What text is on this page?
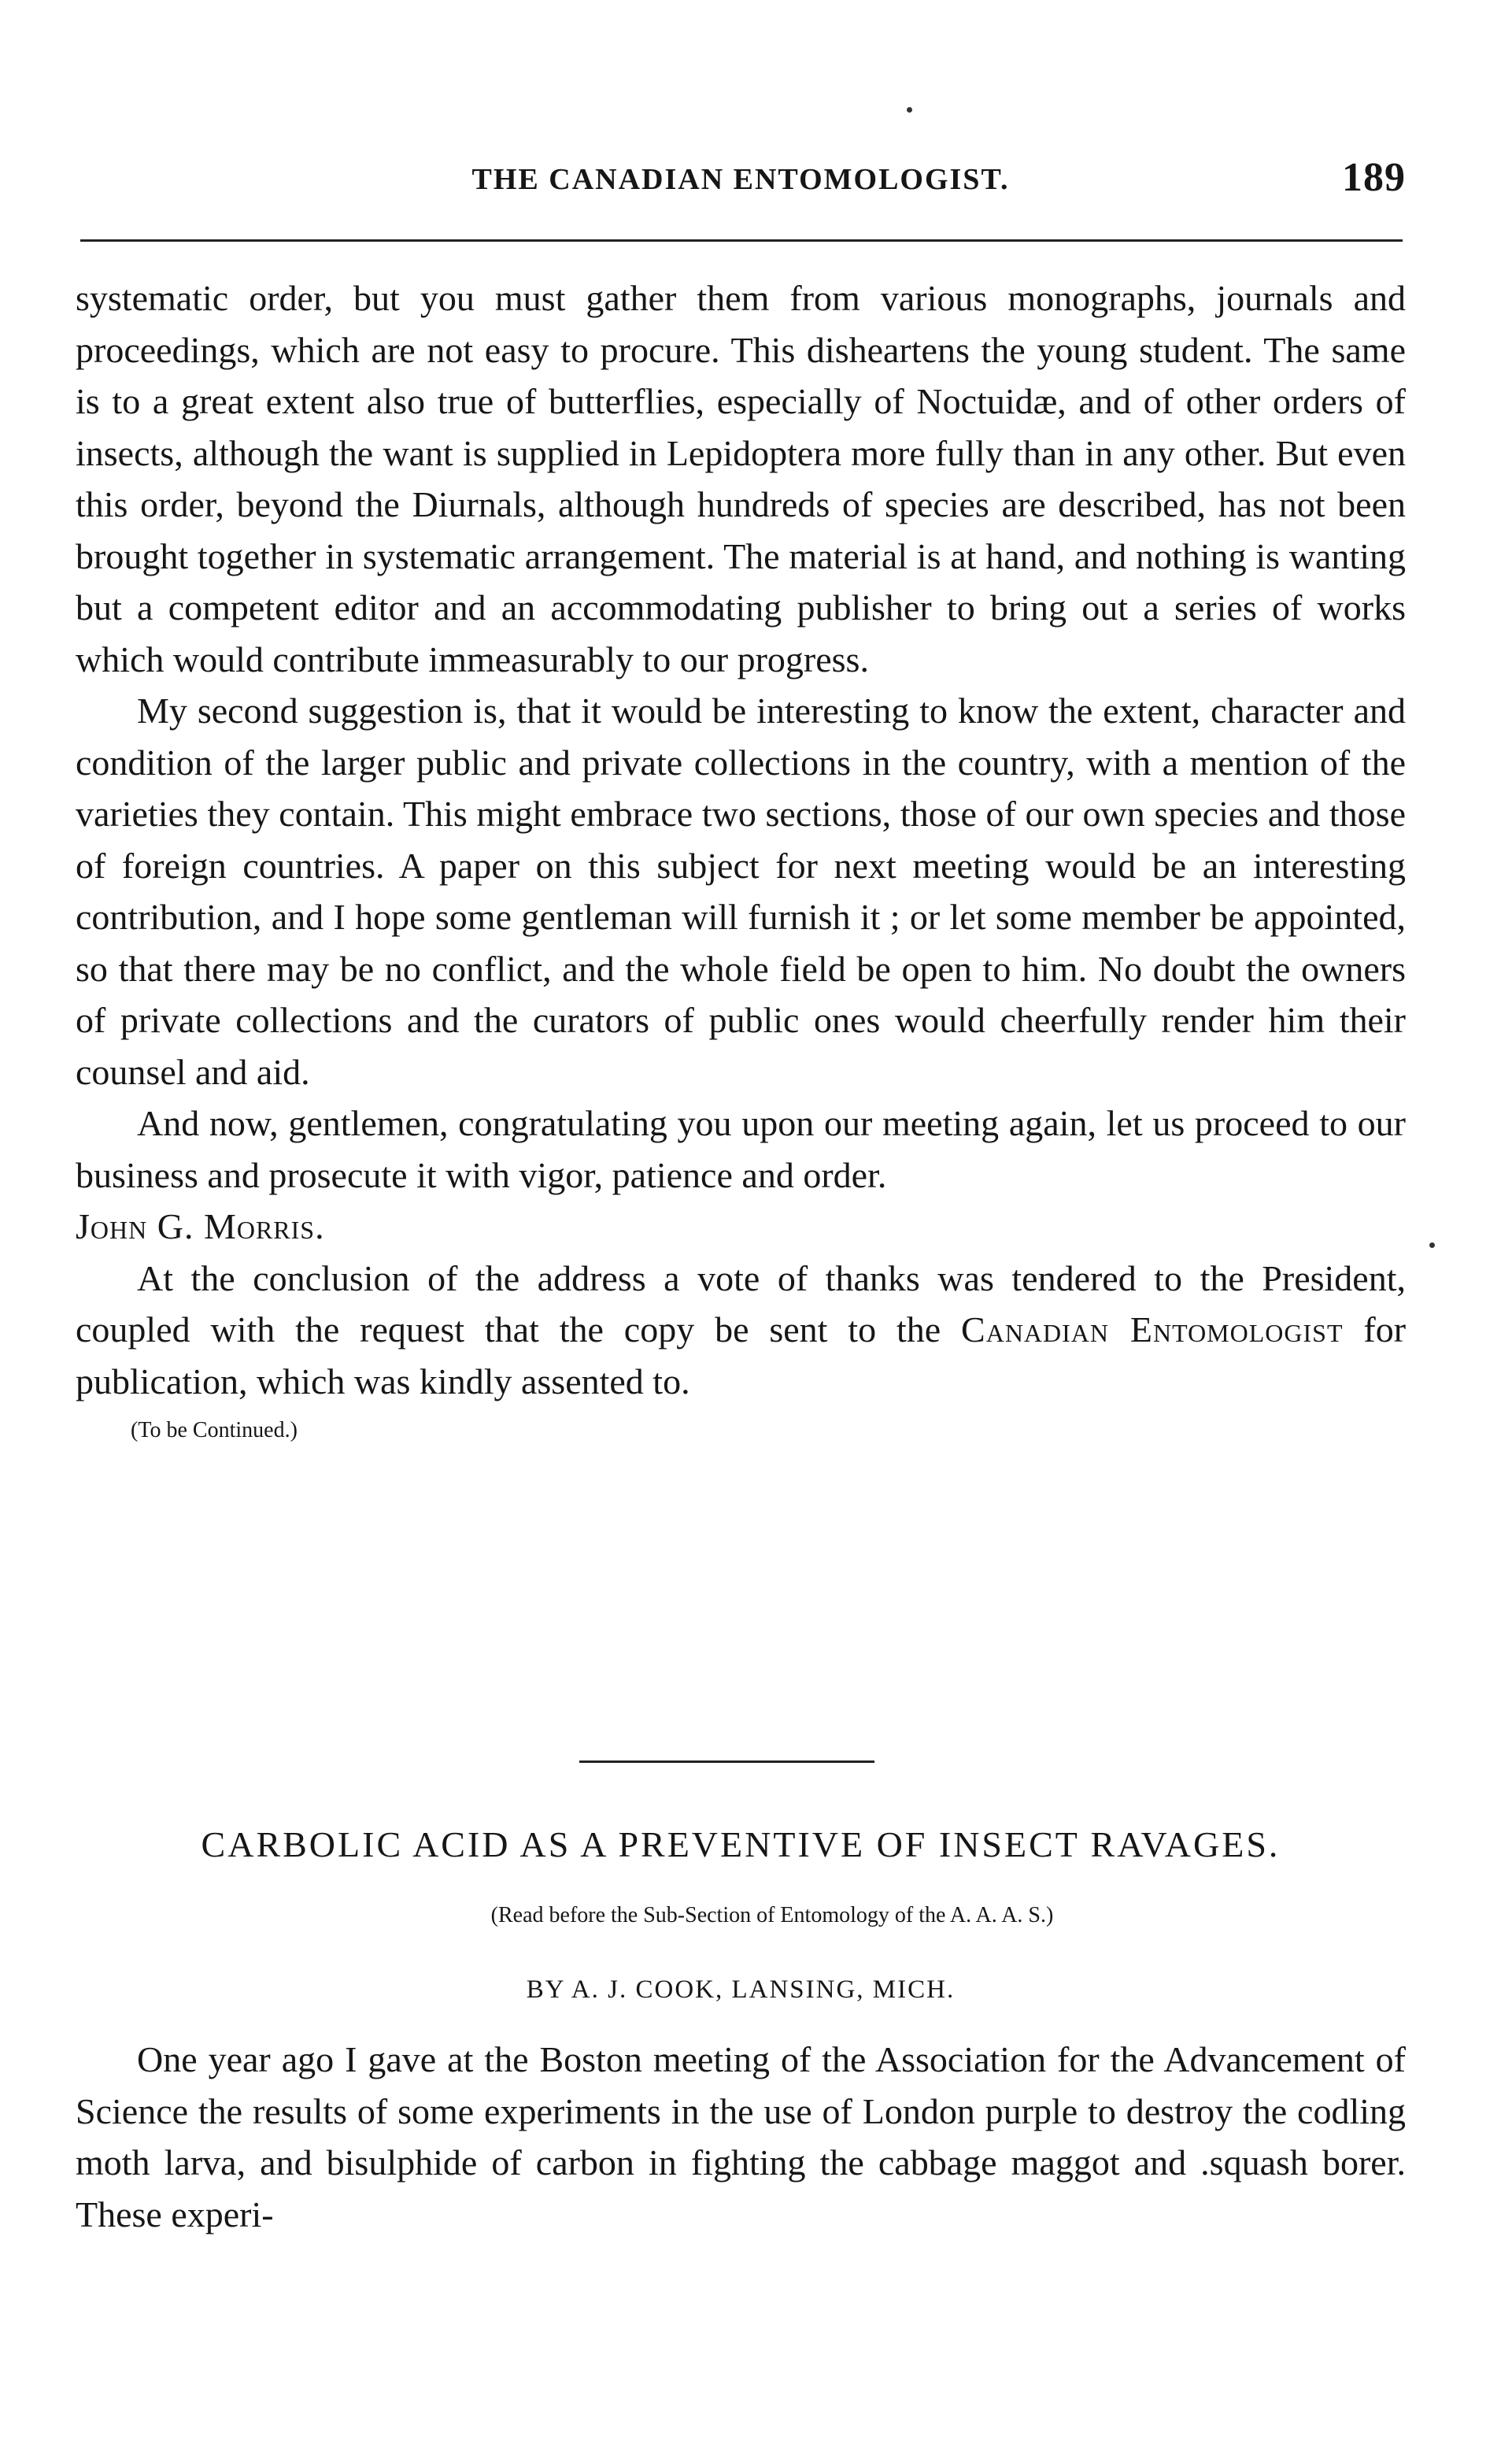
THE CANADIAN ENTOMOLOGIST.	189

systematic order, but you must gather them from various monographs, journals and proceedings, which are not easy to procure. This disheartens the young student. The same is to a great extent also true of butterflies, especially of Noctuidæ, and of other orders of insects, although the want is supplied in Lepidoptera more fully than in any other. But even this order, beyond the Diurnals, although hundreds of species are described, has not been brought together in systematic arrangement. The material is at hand, and nothing is wanting but a competent editor and an accommodating publisher to bring out a series of works which would contribute immeasurably to our progress.

My second suggestion is, that it would be interesting to know the extent, character and condition of the larger public and private collections in the country, with a mention of the varieties they contain. This might embrace two sections, those of our own species and those of foreign countries. A paper on this subject for next meeting would be an interesting contribution, and I hope some gentleman will furnish it ; or let some member be appointed, so that there may be no conflict, and the whole field be open to him. No doubt the owners of private collections and the curators of public ones would cheerfully render him their counsel and aid.

And now, gentlemen, congratulating you upon our meeting again, let us proceed to our business and prosecute it with vigor, patience and order.

John G. Morris.

At the conclusion of the address a vote of thanks was tendered to the President, coupled with the request that the copy be sent to the Canadian Entomologist for publication, which was kindly assented to.

(To be Continued.)

CARBOLIC ACID AS A PREVENTIVE OF INSECT RAVAGES.
(Read before the Sub-Section of Entomology of the A. A. A. S.)
BY A. J. COOK, LANSING, MICH.

One year ago I gave at the Boston meeting of the Association for the Advancement of Science the results of some experiments in the use of London purple to destroy the codling moth larva, and bisulphide of carbon in fighting the cabbage maggot and .squash borer. These experi-
